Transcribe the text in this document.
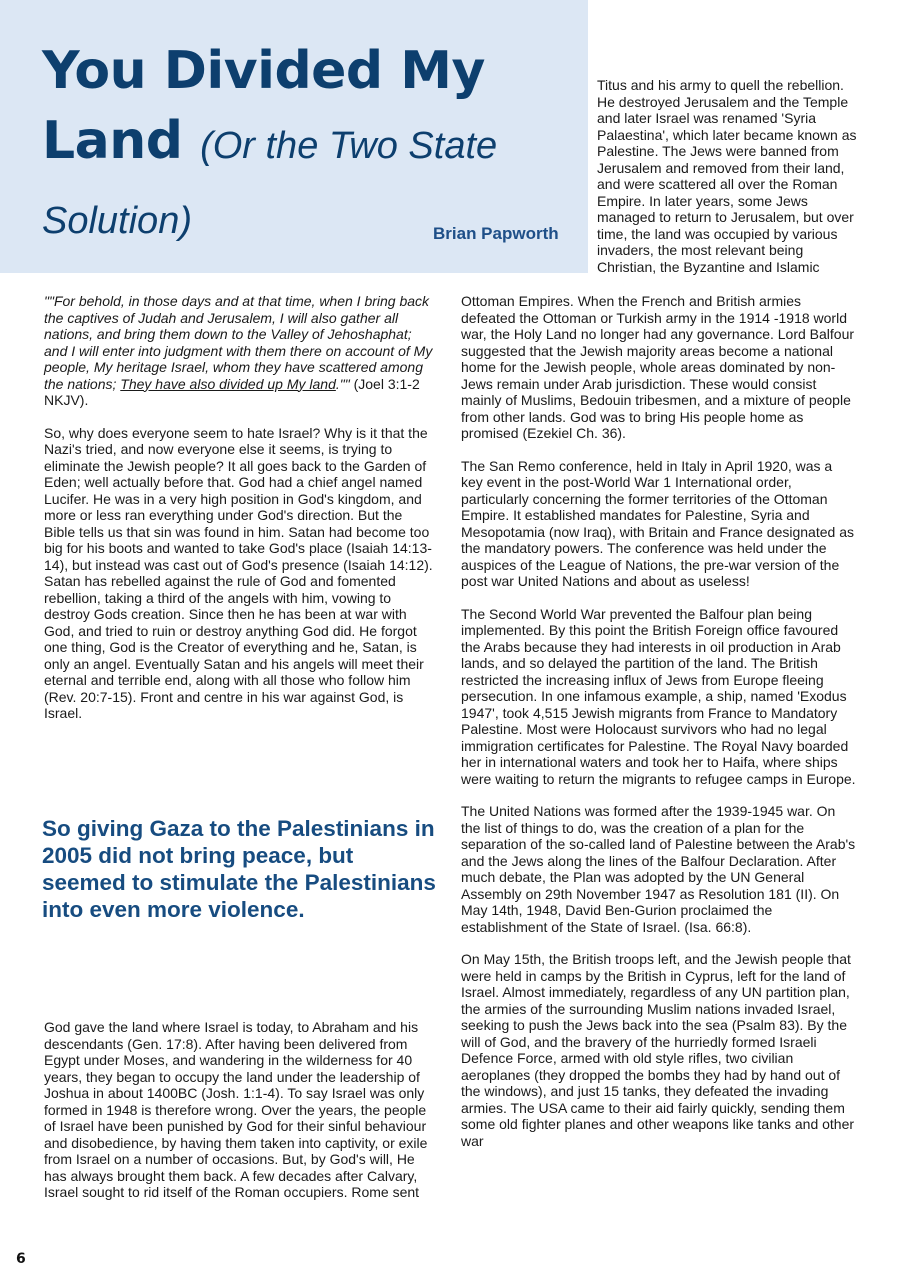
You Divided My Land (Or the Two State Solution)	Brian Papworth

Titus and his army to quell the rebellion. He destroyed Jerusalem and the Temple and later Israel was renamed 'Syria Palaestina', which later became known as Palestine. The Jews were banned from Jerusalem and removed from their land, and were scattered all over the Roman Empire. In later years, some Jews managed to return to Jerusalem, but over time, the land was occupied by various invaders, the most relevant being Christian, the Byzantine and Islamic

""For behold, in those days and at that time, when I bring back the captives of Judah and Jerusalem, I will also gather all nations, and bring them down to the Valley of Jehoshaphat; and I will enter into judgment with them there on account of My people, My heritage Israel, whom they have scattered among the nations; They have also divided up My land."" (Joel 3:1-2 NKJV).

So, why does everyone seem to hate Israel? Why is it that the Nazi's tried, and now everyone else it seems, is trying to eliminate the Jewish people? It all goes back to the Garden of Eden; well actually before that. God had a chief angel named Lucifer. He was in a very high position in God's kingdom, and more or less ran everything under God's direction. But the Bible tells us that sin was found in him. Satan had become too big for his boots and wanted to take God's place (Isaiah 14:13-14), but instead was cast out of God's presence (Isaiah 14:12). Satan has rebelled against the rule of God and fomented rebellion, taking a third of the angels with him, vowing to destroy Gods creation. Since then he has been at war with God, and tried to ruin or destroy anything God did. He forgot one thing, God is the Creator of everything and he, Satan, is only an angel. Eventually Satan and his angels will meet their eternal and terrible end, along with all those who follow him (Rev. 20:7-15). Front and centre in his war against God, is Israel.

So giving Gaza to the Palestinians in 2005 did not bring peace, but seemed to stimulate the Palestinians into even more violence.

God gave the land where Israel is today, to Abraham and his descendants (Gen. 17:8). After having been delivered from Egypt under Moses, and wandering in the wilderness for 40 years, they began to occupy the land under the leadership of Joshua in about 1400BC (Josh. 1:1-4). To say Israel was only formed in 1948 is therefore wrong. Over the years, the people of Israel have been punished by God for their sinful behaviour and disobedience, by having them taken into captivity, or exile from Israel on a number of occasions. But, by God's will, He has always brought them back. A few decades after Calvary, Israel sought to rid itself of the Roman occupiers. Rome sent

Ottoman Empires. When the French and British armies defeated the Ottoman or Turkish army in the 1914 -1918 world war, the Holy Land no longer had any governance. Lord Balfour suggested that the Jewish majority areas become a national home for the Jewish people, whole areas dominated by non-Jews remain under Arab jurisdiction. These would consist mainly of Muslims, Bedouin tribesmen, and a mixture of people from other lands. God was to bring His people home as promised (Ezekiel Ch. 36).

The San Remo conference, held in Italy in April 1920, was a key event in the post-World War 1 International order, particularly concerning the former territories of the Ottoman Empire. It established mandates for Palestine, Syria and Mesopotamia (now Iraq), with Britain and France designated as the mandatory powers. The conference was held under the auspices of the League of Nations, the pre-war version of the post war United Nations and about as useless!

The Second World War prevented the Balfour plan being implemented. By this point the British Foreign office favoured the Arabs because they had interests in oil production in Arab lands, and so delayed the partition of the land. The British restricted the increasing influx of Jews from Europe fleeing persecution. In one infamous example, a ship, named 'Exodus 1947', took 4,515 Jewish migrants from France to Mandatory Palestine. Most were Holocaust survivors who had no legal immigration certificates for Palestine. The Royal Navy boarded her in international waters and took her to Haifa, where ships were waiting to return the migrants to refugee camps in Europe.

The United Nations was formed after the 1939-1945 war. On the list of things to do, was the creation of a plan for the separation of the so-called land of Palestine between the Arab's and the Jews along the lines of the Balfour Declaration. After much debate, the Plan was adopted by the UN General Assembly on 29th November 1947 as Resolution 181 (II). On May 14th, 1948, David Ben-Gurion proclaimed the establishment of the State of Israel. (Isa. 66:8).

On May 15th, the British troops left, and the Jewish people that were held in camps by the British in Cyprus, left for the land of Israel. Almost immediately, regardless of any UN partition plan, the armies of the surrounding Muslim nations invaded Israel, seeking to push the Jews back into the sea (Psalm 83). By the will of God, and the bravery of the hurriedly formed Israeli Defence Force, armed with old style rifles, two civilian aeroplanes (they dropped the bombs they had by hand out of the windows), and just 15 tanks, they defeated the invading armies. The USA came to their aid fairly quickly, sending them some old fighter planes and other weapons like tanks and other war

6
